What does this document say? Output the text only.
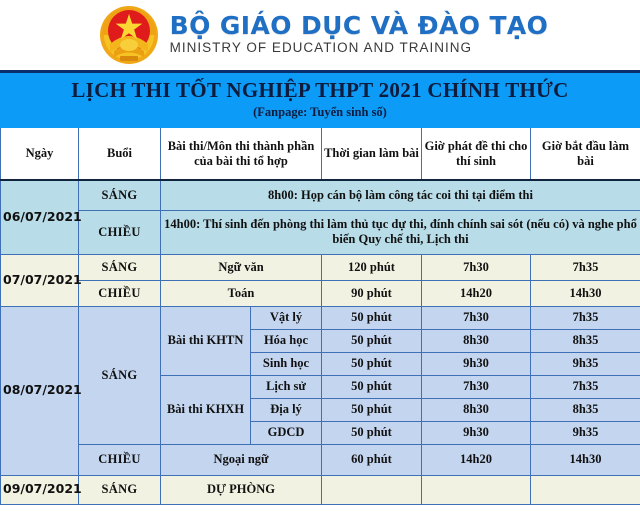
BỘ GIÁO DỤC VÀ ĐÀO TẠO
MINISTRY OF EDUCATION AND TRAINING
LỊCH THI TỐT NGHIỆP THPT 2021 CHÍNH THỨC
(Fanpage: Tuyển sinh số)
Ngày	Buổi	Bài thi/Môn thi thành phần của bài thi tổ hợp		Thời gian làm bài	Giờ phát đề thi cho thí sinh	Giờ bắt đầu làm bài
06/07/2021	SÁNG	8h00: Họp cán bộ làm công tác coi thi tại điểm thi				
	CHIỀU	14h00: Thí sinh đến phòng thi làm thủ tục dự thi, đính chính sai sót (nếu có) và nghe phổ biến Quy chế thi, Lịch thi				
07/07/2021	SÁNG	Ngữ văn		120 phút	7h30	7h35
	CHIỀU	Toán		90 phút	14h20	14h30
08/07/2021	SÁNG	Bài thi KHTN	Vật lý	50 phút	7h30	7h35
			Hóa học	50 phút	8h30	8h35
			Sinh học	50 phút	9h30	9h35
		Bài thi KHXH	Lịch sử	50 phút	7h30	7h35
			Địa lý	50 phút	8h30	8h35
			GDCD	50 phút	9h30	9h35
	CHIỀU	Ngoại ngữ		60 phút	14h20	14h30
09/07/2021	SÁNG	DỰ PHÒNG				
